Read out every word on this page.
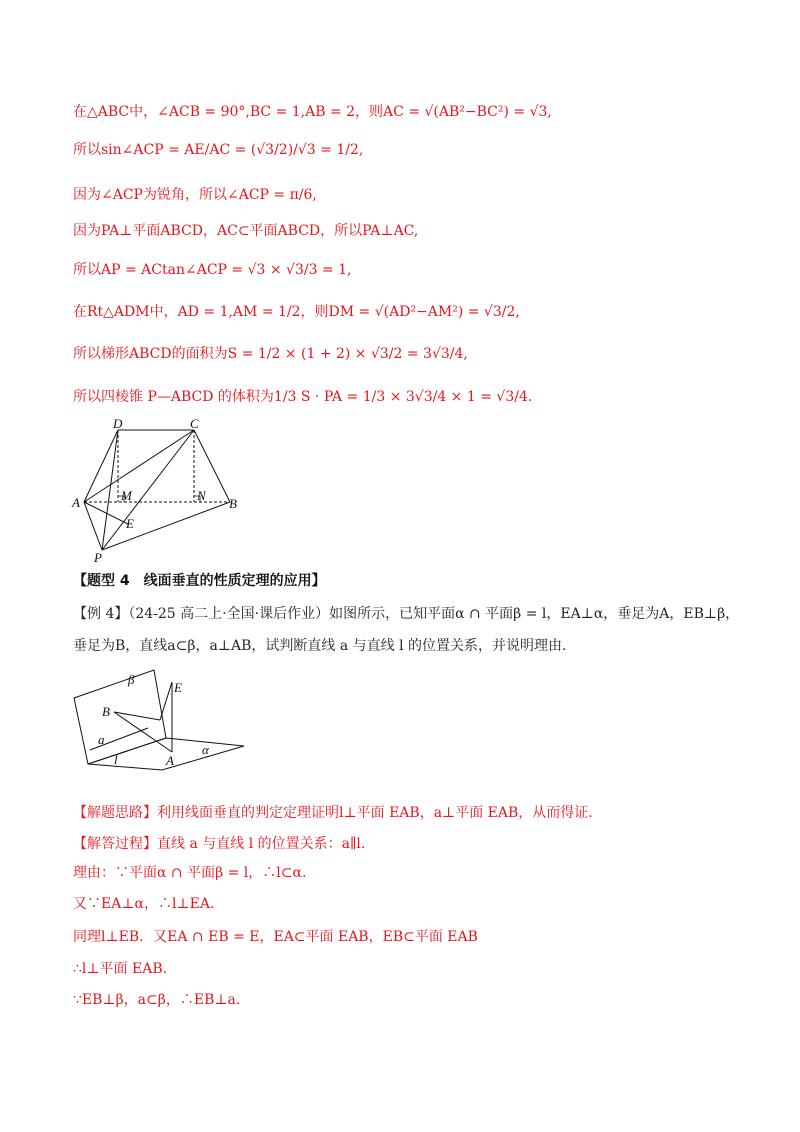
在△ABC中，∠ACB = 90°,BC = 1,AB = 2，则AC = √(AB²−BC²) = √3,
所以sin∠ACP = AE/AC = (√3/2)/√3 = 1/2,
因为∠ACP为锐角，所以∠ACP = π/6,
因为PA⊥平面ABCD，AC⊂平面ABCD，所以PA⊥AC,
所以AP = ACtan∠ACP = √3 × √3/3 = 1,
在Rt△ADM中，AD = 1,AM = 1/2，则DM = √(AD²−AM²) = √3/2,
所以梯形ABCD的面积为S = 1/2 × (1 + 2) × √3/2 = 3√3/4,
所以四棱锥 P—ABCD 的体积为1/3 S · PA = 1/3 × 3√3/4 × 1 = √3/4.
D	C
A	M	N
B
E
P
【题型 4　线面垂直的性质定理的应用】
【例 4】（24-25 高二上·全国·课后作业）如图所示，已知平面α ∩ 平面β = l，EA⊥α，垂足为A，EB⊥β，
垂足为B，直线a⊂β，a⊥AB，试判断直线 a 与直线 l 的位置关系，并说明理由.
β
E
B
a
l	A
α
【解题思路】利用线面垂直的判定定理证明l⊥平面 EAB，a⊥平面 EAB，从而得证.
【解答过程】直线 a 与直线 l 的位置关系：a∥l.
理由：∵平面α ∩ 平面β = l，∴l⊂α.
又∵EA⊥α，∴l⊥EA.
同理l⊥EB．又EA ∩ EB = E，EA⊂平面 EAB，EB⊂平面 EAB
∴l⊥平面 EAB.
∵EB⊥β，a⊂β，∴EB⊥a.
